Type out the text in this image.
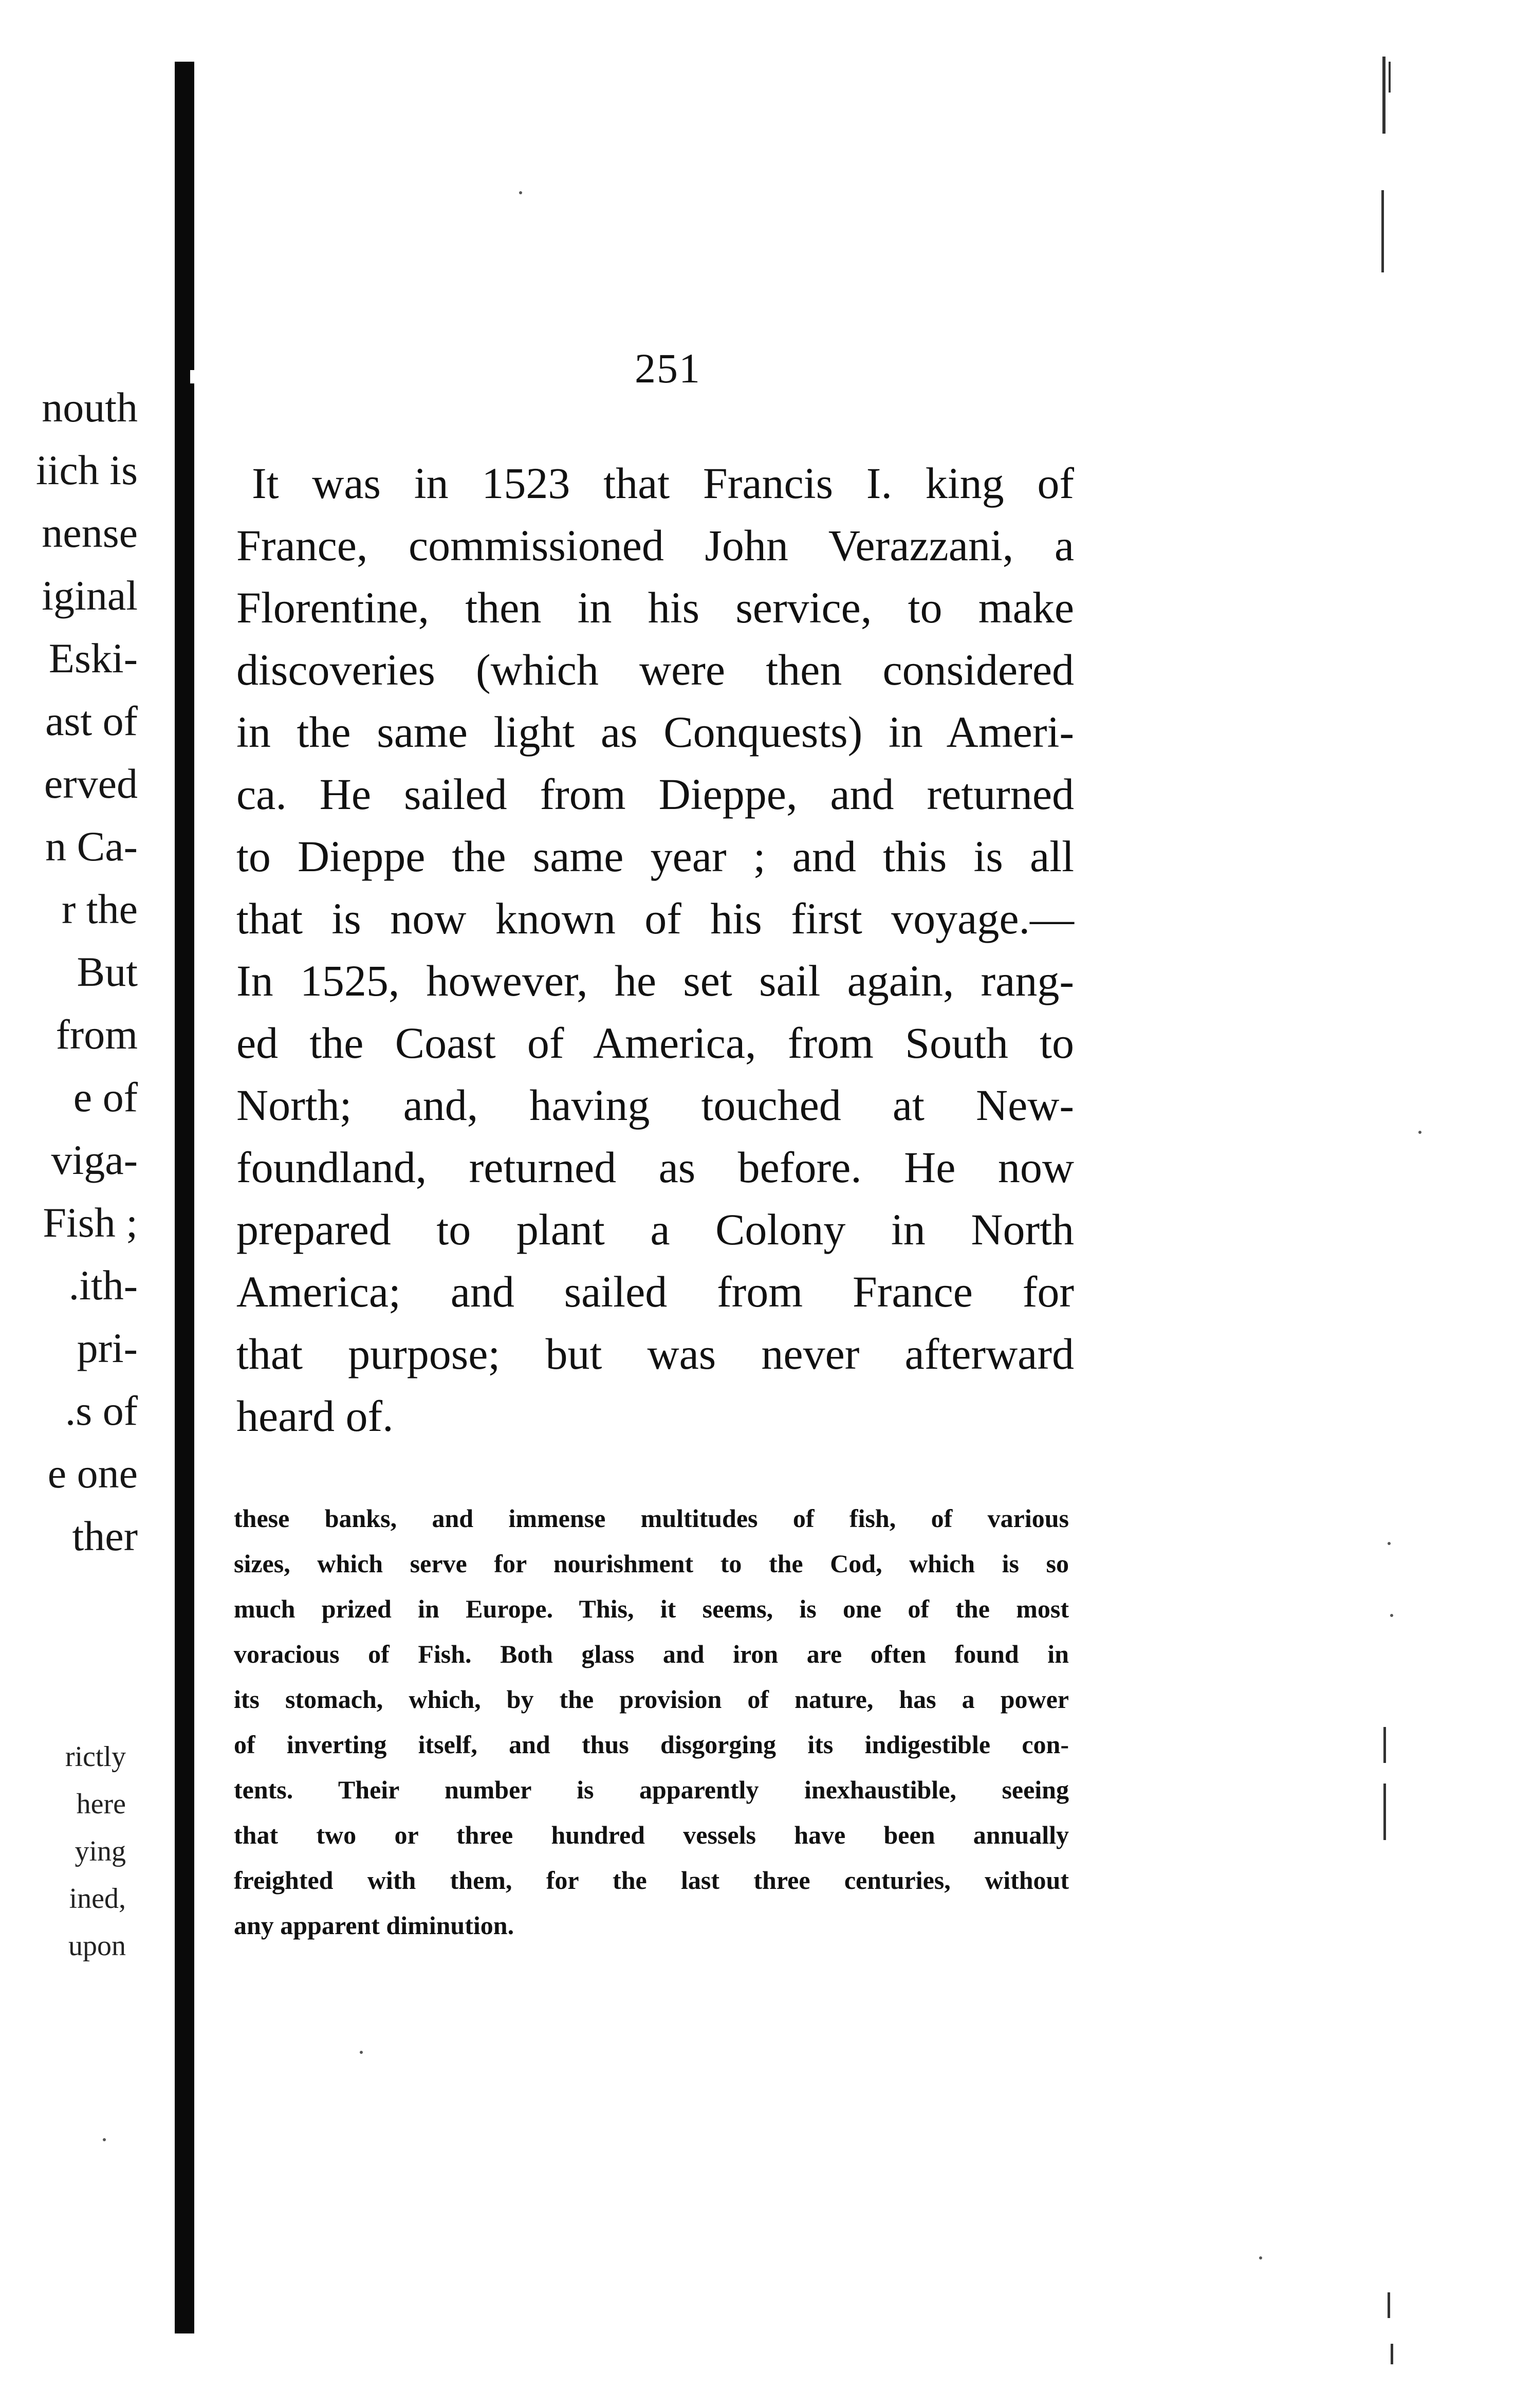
nouth
iich is
nense
iginal
Eski-
ast of
erved
n Ca-
r the
But
from
e of
viga-
Fish ;
.ith-
pri-
.s of
e one
ther
rictly
here
ying
ined,
upon
251
It was in 1523 that Francis I. king of
France, commissioned John Verazzani, a
Florentine, then in his service, to make
discoveries (which were then considered
in the same light as Conquests) in Ameri-
ca. He sailed from Dieppe, and returned
to Dieppe the same year ; and this is all
that is now known of his first voyage.—
In 1525, however, he set sail again, rang-
ed the Coast of America, from South to
North; and, having touched at New-
foundland, returned as before. He now
prepared to plant a Colony in North
America; and sailed from France for
that purpose; but was never afterward
heard of.
these banks, and immense multitudes of fish, of various
sizes, which serve for nourishment to the Cod, which is so
much prized in Europe. This, it seems, is one of the most
voracious of Fish. Both glass and iron are often found in
its stomach, which, by the provision of nature, has a power
of inverting itself, and thus disgorging its indigestible con-
tents. Their number is apparently inexhaustible, seeing
that two or three hundred vessels have been annually
freighted with them, for the last three centuries, without
any apparent diminution.
